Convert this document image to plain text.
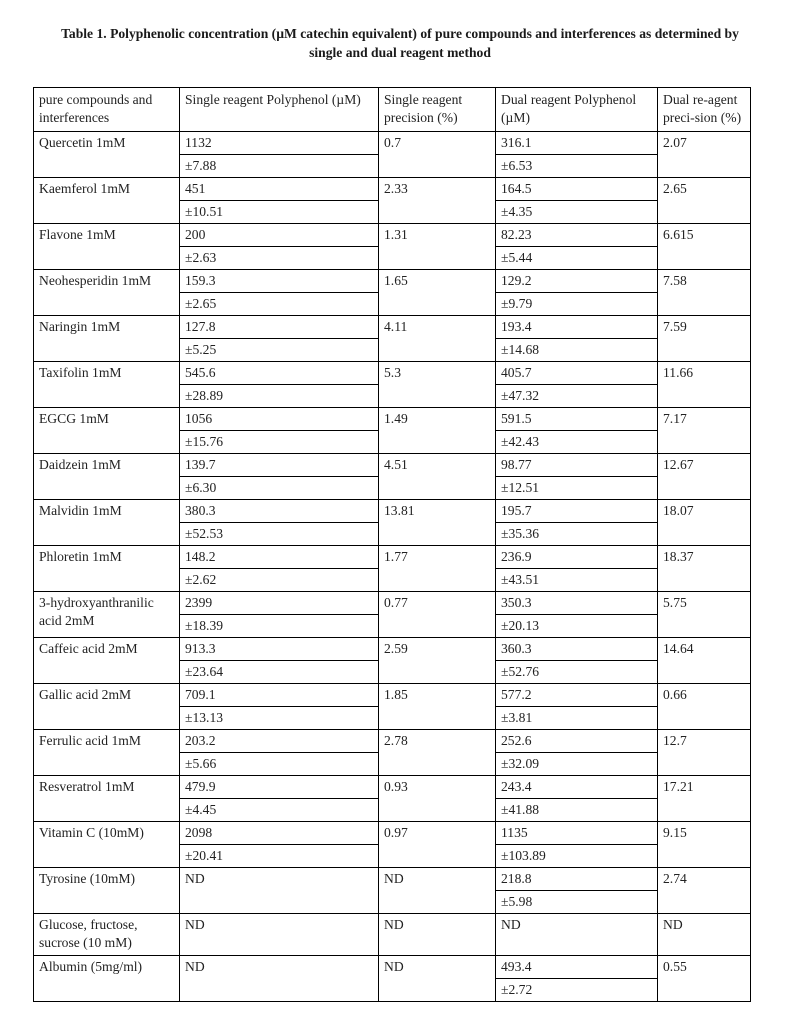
Table 1. Polyphenolic concentration (µM catechin equivalent) of pure compounds and interferences as determined by
single and dual reagent method
pure compounds and interferences	Single reagent Polyphenol (µM)	Single reagent precision (%)	Dual reagent Polyphenol (µM)	Dual re-agent preci-sion (%)
Quercetin 1mM	1132	0.7	316.1	2.07
	±7.88		±6.53	
Kaemferol 1mM	451	2.33	164.5	2.65
	±10.51		±4.35	
Flavone 1mM	200	1.31	82.23	6.615
	±2.63		±5.44	
Neohesperidin 1mM	159.3	1.65	129.2	7.58
	±2.65		±9.79	
Naringin 1mM	127.8	4.11	193.4	7.59
	±5.25		±14.68	
Taxifolin 1mM	545.6	5.3	405.7	11.66
	±28.89		±47.32	
EGCG 1mM	1056	1.49	591.5	7.17
	±15.76		±42.43	
Daidzein 1mM	139.7	4.51	98.77	12.67
	±6.30		±12.51	
Malvidin 1mM	380.3	13.81	195.7	18.07
	±52.53		±35.36	
Phloretin 1mM	148.2	1.77	236.9	18.37
	±2.62		±43.51	
3-hydroxyanthranilic acid 2mM	2399	0.77	350.3	5.75
	±18.39		±20.13	
Caffeic acid 2mM	913.3	2.59	360.3	14.64
	±23.64		±52.76	
Gallic acid 2mM	709.1	1.85	577.2	0.66
	±13.13		±3.81	
Ferrulic acid 1mM	203.2	2.78	252.6	12.7
	±5.66		±32.09	
Resveratrol 1mM	479.9	0.93	243.4	17.21
	±4.45		±41.88	
Vitamin C (10mM)	2098	0.97	1135	9.15
	±20.41		±103.89	
Tyrosine (10mM)	ND	ND	218.8	2.74
			±5.98	
Glucose, fructose, sucrose (10 mM)	ND	ND	ND	ND
Albumin (5mg/ml)	ND	ND	493.4	0.55
			±2.72	
